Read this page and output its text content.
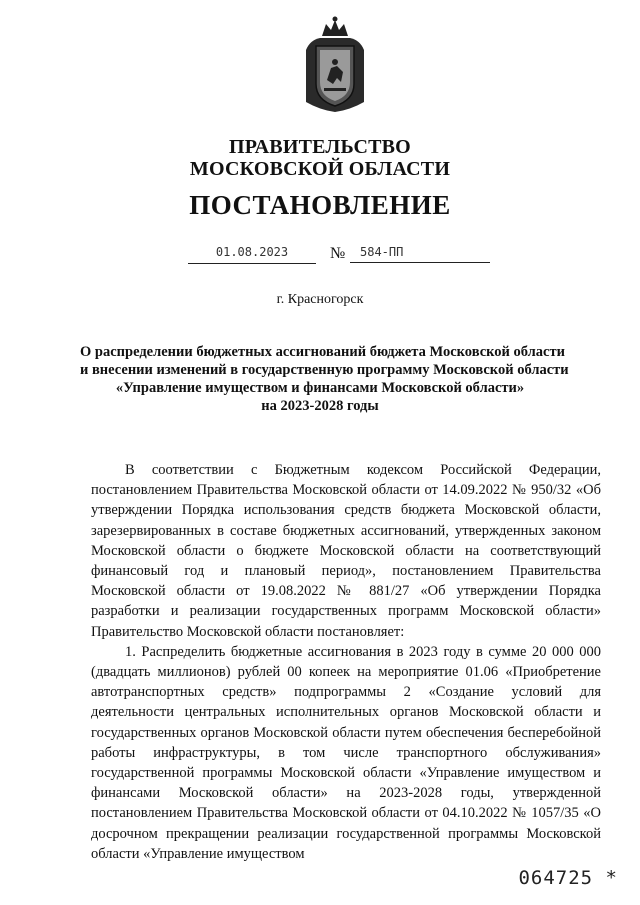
ПРАВИТЕЛЬСТВО
МОСКОВСКОЙ ОБЛАСТИ
ПОСТАНОВЛЕНИЕ
01.08.2023	№	584-ПП
г. Красногорск
О распределении бюджетных ассигнований бюджета Московской области
и внесении изменений в государственную программу Московской области
«Управление имуществом и финансами Московской области»
на 2023-2028 годы

В соответствии с Бюджетным кодексом Российской Федерации, постановлением Правительства Московской области от 14.09.2022 № 950/32 «Об утверждении Порядка использования средств бюджета Московской области, зарезервированных в составе бюджетных ассигнований, утвержденных законом Московской области о бюджете Московской области на соответствующий финансовый год и плановый период», постановлением Правительства Московской области от 19.08.2022 № 881/27 «Об утверждении Порядка разработки и реализации государственных программ Московской области» Правительство Московской области постановляет:

1. Распределить бюджетные ассигнования в 2023 году в сумме 20 000 000 (двадцать миллионов) рублей 00 копеек на мероприятие 01.06 «Приобретение автотранспортных средств» подпрограммы 2 «Создание условий для деятельности центральных исполнительных органов Московской области и государственных органов Московской области путем обеспечения бесперебойной работы инфраструктуры, в том числе транспортного обслуживания» государственной программы Московской области «Управление имуществом и финансами Московской области» на 2023-2028 годы, утвержденной постановлением Правительства Московской области от 04.10.2022 № 1057/35 «О досрочном прекращении реализации государственной программы Московской области «Управление имуществом

064725 *
